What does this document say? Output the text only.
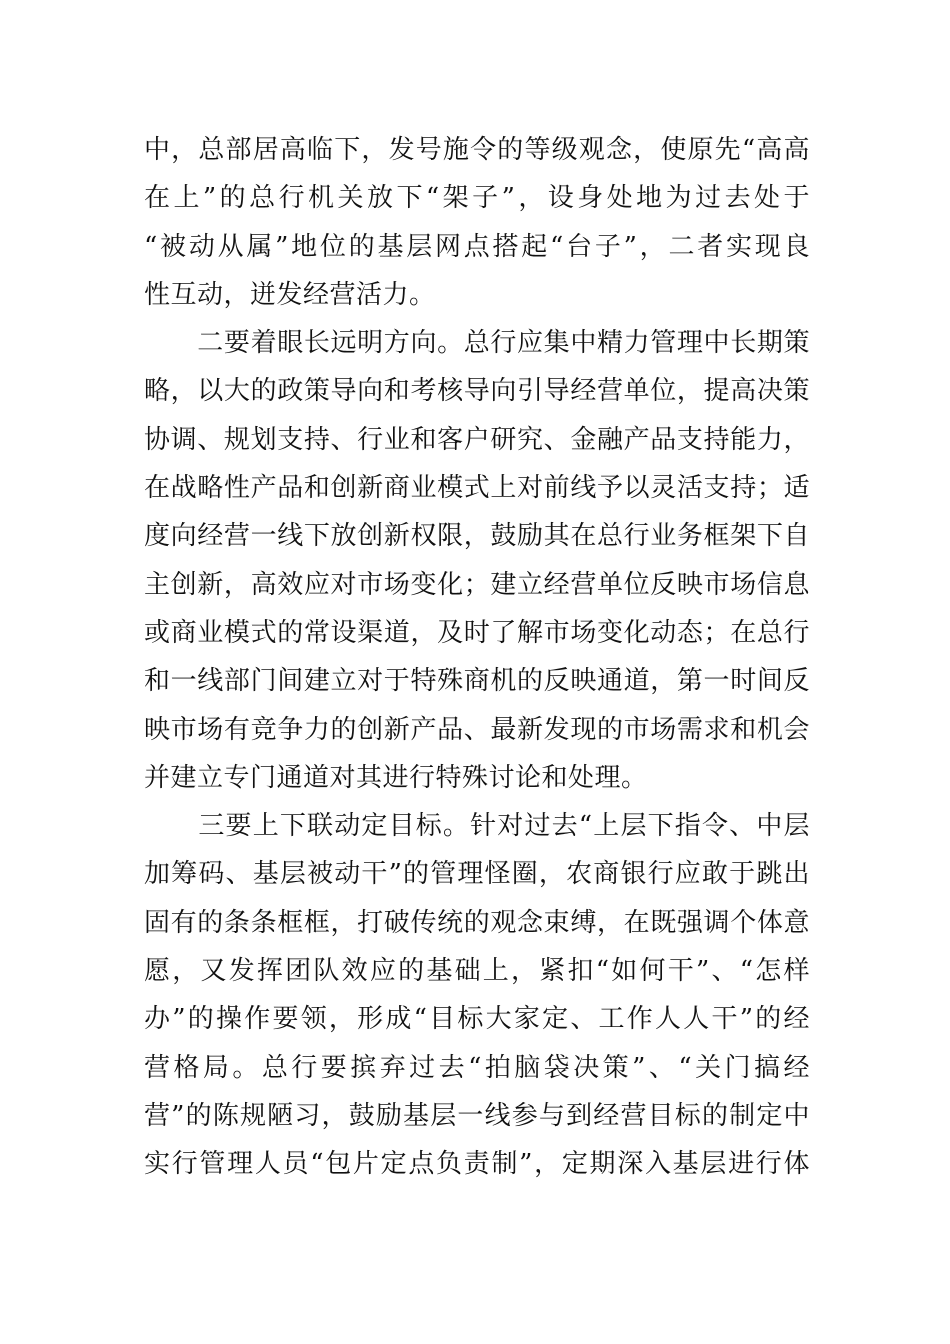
中，总部居高临下，发号施令的等级观念，使原先“高高
在上”的总行机关放下“架子”，设身处地为过去处于
“被动从属”地位的基层网点搭起“台子”，二者实现良
性互动，迸发经营活力。
　　二要着眼长远明方向。总行应集中精力管理中长期策
略，以大的政策导向和考核导向引导经营单位，提高决策
协调、规划支持、行业和客户研究、金融产品支持能力，
在战略性产品和创新商业模式上对前线予以灵活支持；适
度向经营一线下放创新权限，鼓励其在总行业务框架下自
主创新，高效应对市场变化；建立经营单位反映市场信息
或商业模式的常设渠道，及时了解市场变化动态；在总行
和一线部门间建立对于特殊商机的反映通道，第一时间反
映市场有竞争力的创新产品、最新发现的市场需求和机会
并建立专门通道对其进行特殊讨论和处理。
　　三要上下联动定目标。针对过去“上层下指令、中层
加筹码、基层被动干”的管理怪圈，农商银行应敢于跳出
固有的条条框框，打破传统的观念束缚，在既强调个体意
愿，又发挥团队效应的基础上，紧扣“如何干”、“怎样
办”的操作要领，形成“目标大家定、工作人人干”的经
营格局。总行要摈弃过去“拍脑袋决策”、“关门搞经
营”的陈规陋习，鼓励基层一线参与到经营目标的制定中
实行管理人员“包片定点负责制”，定期深入基层进行体
